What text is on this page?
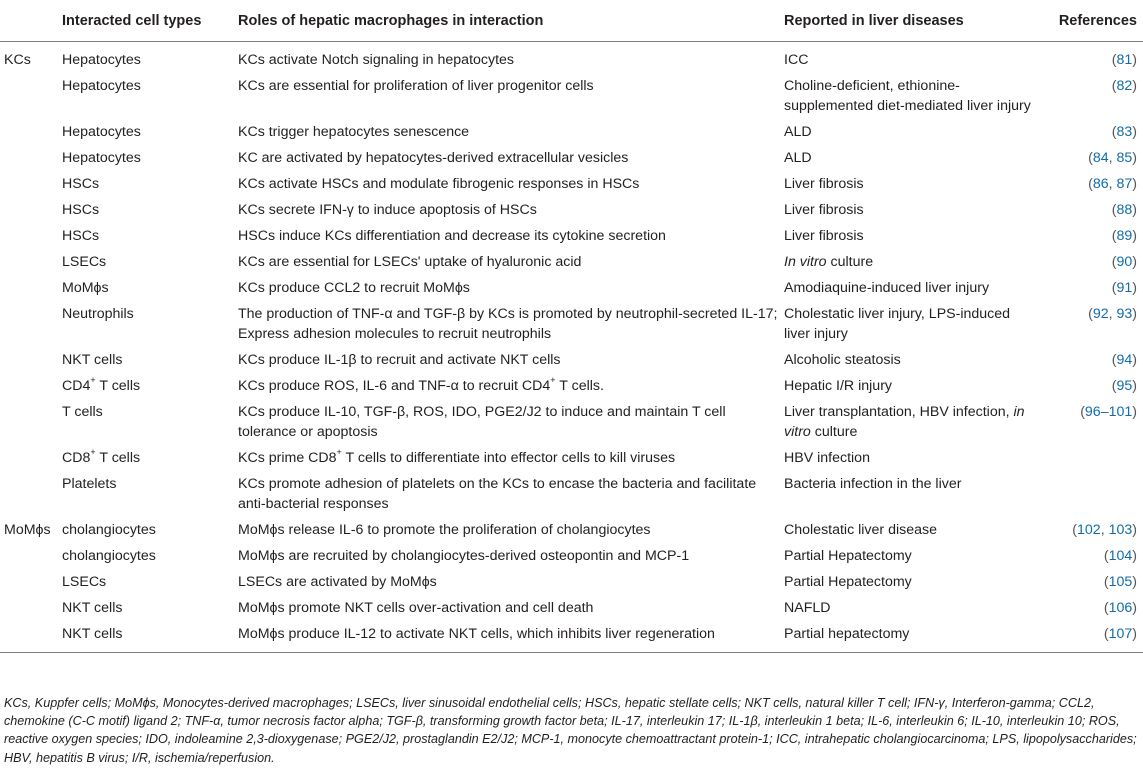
	Interacted cell types	Roles of hepatic macrophages in interaction	Reported in liver diseases	References
KCs	Hepatocytes	KCs activate Notch signaling in hepatocytes	ICC	(81)
	Hepatocytes	KCs are essential for proliferation of liver progenitor cells	Choline-deficient, ethionine-supplemented diet-mediated liver injury	(82)
	Hepatocytes	KCs trigger hepatocytes senescence	ALD	(83)
	Hepatocytes	KC are activated by hepatocytes-derived extracellular vesicles	ALD	(84, 85)
	HSCs	KCs activate HSCs and modulate fibrogenic responses in HSCs	Liver fibrosis	(86, 87)
	HSCs	KCs secrete IFN-γ to induce apoptosis of HSCs	Liver fibrosis	(88)
	HSCs	HSCs induce KCs differentiation and decrease its cytokine secretion	Liver fibrosis	(89)
	LSECs	KCs are essential for LSECs' uptake of hyaluronic acid	In vitro culture	(90)
	MoMϕs	KCs produce CCL2 to recruit MoMϕs	Amodiaquine-induced liver injury	(91)
	Neutrophils	The production of TNF-α and TGF-β by KCs is promoted by neutrophil-secreted IL-17; Express adhesion molecules to recruit neutrophils	Cholestatic liver injury, LPS-induced liver injury	(92, 93)
	NKT cells	KCs produce IL-1β to recruit and activate NKT cells	Alcoholic steatosis	(94)
	CD4+ T cells	KCs produce ROS, IL-6 and TNF-α to recruit CD4+ T cells.	Hepatic I/R injury	(95)
	T cells	KCs produce IL-10, TGF-β, ROS, IDO, PGE2/J2 to induce and maintain T cell tolerance or apoptosis	Liver transplantation, HBV infection, in vitro culture	(96–101)
	CD8+ T cells	KCs prime CD8+ T cells to differentiate into effector cells to kill viruses	HBV infection	
	Platelets	KCs promote adhesion of platelets on the KCs to encase the bacteria and facilitate anti-bacterial responses	Bacteria infection in the liver	
MoMϕs	cholangiocytes	MoMϕs release IL-6 to promote the proliferation of cholangiocytes	Cholestatic liver disease	(102, 103)
	cholangiocytes	MoMϕs are recruited by cholangiocytes-derived osteopontin and MCP-1	Partial Hepatectomy	(104)
	LSECs	LSECs are activated by MoMϕs	Partial Hepatectomy	(105)
	NKT cells	MoMϕs promote NKT cells over-activation and cell death	NAFLD	(106)
	NKT cells	MoMϕs produce IL-12 to activate NKT cells, which inhibits liver regeneration	Partial hepatectomy	(107)
KCs, Kuppfer cells; MoMϕs, Monocytes-derived macrophages; LSECs, liver sinusoidal endothelial cells; HSCs, hepatic stellate cells; NKT cells, natural killer T cell; IFN-γ, Interferon-gamma; CCL2, chemokine (C-C motif) ligand 2; TNF-α, tumor necrosis factor alpha; TGF-β, transforming growth factor beta; IL-17, interleukin 17; IL-1β, interleukin 1 beta; IL-6, interleukin 6; IL-10, interleukin 10; ROS, reactive oxygen species; IDO, indoleamine 2,3-dioxygenase; PGE2/J2, prostaglandin E2/J2; MCP-1, monocyte chemoattractant protein-1; ICC, intrahepatic cholangiocarcinoma; LPS, lipopolysaccharides; HBV, hepatitis B virus; I/R, ischemia/reperfusion.
